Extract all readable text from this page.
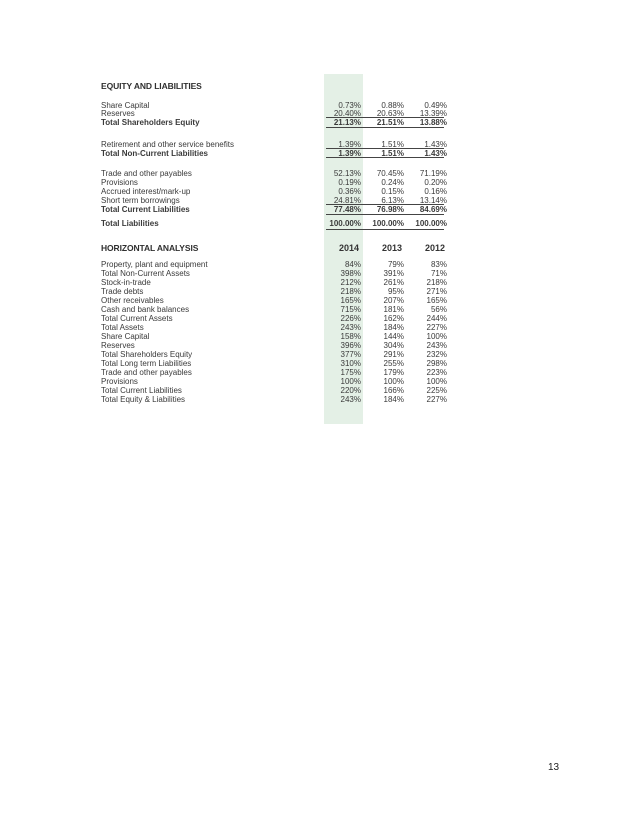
EQUITY AND LIABILITIES
Share Capital	0.73%	0.88%	0.49%
Reserves	20.40%	20.63%	13.39%
Total Shareholders Equity	21.13%	21.51%	13.88%
Retirement and other service benefits	1.39%	1.51%	1.43%
Total Non-Current Liabilities	1.39%	1.51%	1.43%
Trade and other payables	52.13%	70.45%	71.19%
Provisions	0.19%	0.24%	0.20%
Accrued interest/mark-up	0.36%	0.15%	0.16%
Short term borrowings	24.81%	6.13%	13.14%
Total Current Liabilities	77.48%	76.98%	84.69%
Total Liabilities	100.00%	100.00%	100.00%
HORIZONTAL ANALYSIS	2014	2013	2012
Property, plant and equipment	84%	79%	83%
Total Non-Current Assets	398%	391%	71%
Stock-in-trade	212%	261%	218%
Trade debts	218%	95%	271%
Other receivables	165%	207%	165%
Cash and bank balances	715%	181%	56%
Total Current Assets	226%	162%	244%
Total Assets	243%	184%	227%
Share Capital	158%	144%	100%
Reserves	396%	304%	243%
Total Shareholders Equity	377%	291%	232%
Total Long term Liabilities	310%	255%	298%
Trade and other payables	175%	179%	223%
Provisions	100%	100%	100%
Total Current Liabilities	220%	166%	225%
Total Equity & Liabilities	243%	184%	227%
13
